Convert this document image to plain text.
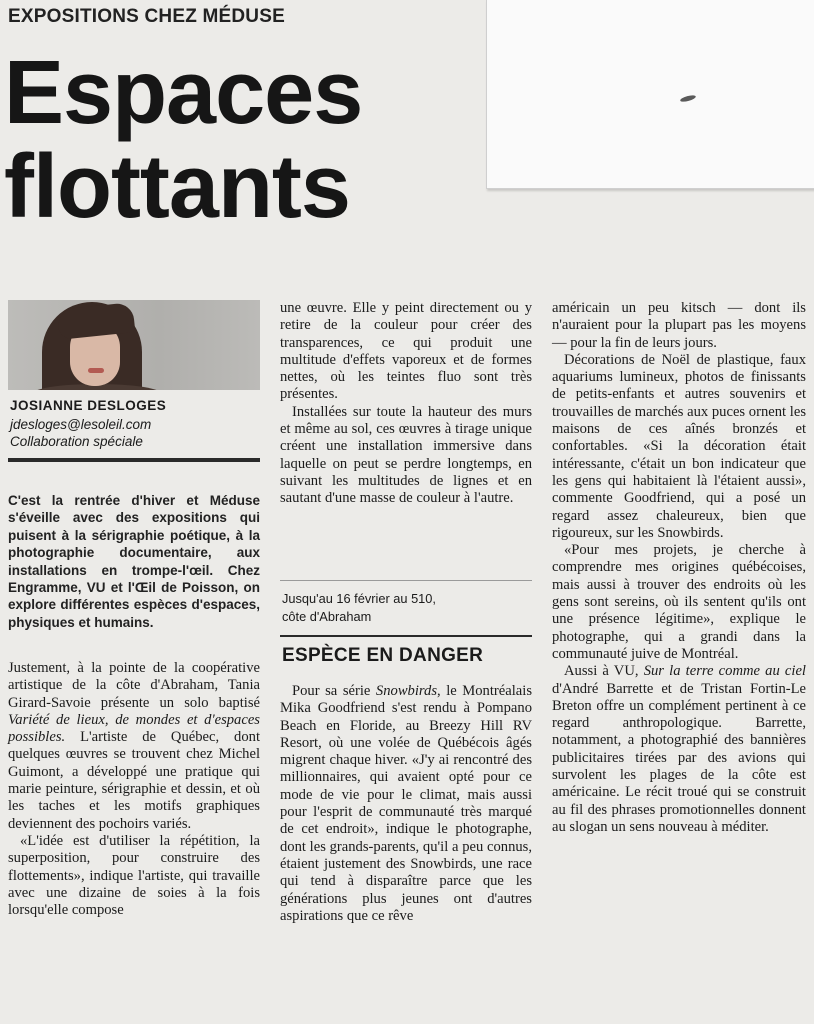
EXPOSITIONS CHEZ MÉDUSE
Espaces
flottants
JOSIANNE DESLOGES
jdesloges@lesoleil.com
Collaboration spéciale
C'est la rentrée d'hiver et Méduse s'éveille avec des expositions qui puisent à la sérigraphie poétique, à la photographie documentaire, aux installations en trompe-l'œil. Chez Engramme, VU et l'Œil de Poisson, on explore différentes espèces d'espaces, physiques et humains.

Justement, à la pointe de la coopérative artistique de la côte d'Abraham, Tania Girard-Savoie présente un solo baptisé Variété de lieux, de mondes et d'espaces possibles. L'artiste de Québec, dont quelques œuvres se trouvent chez Michel Guimont, a développé une pratique qui marie peinture, sérigraphie et dessin, et où les taches et les motifs graphiques deviennent des pochoirs variés.

«L'idée est d'utiliser la répétition, la superposition, pour construire des flottements», indique l'artiste, qui travaille avec une dizaine de soies à la fois lorsqu'elle compose

une œuvre. Elle y peint directement ou y retire de la couleur pour créer des transparences, ce qui produit une multitude d'effets vaporeux et de formes nettes, où les teintes fluo sont très présentes.

Installées sur toute la hauteur des murs et même au sol, ces œuvres à tirage unique créent une installation immersive dans laquelle on peut se perdre longtemps, en suivant les multitudes de lignes et en sautant d'une masse de couleur à l'autre.

Jusqu'au 16 février au 510,
côte d'Abraham
ESPÈCE EN DANGER

Pour sa série Snowbirds, le Montréalais Mika Goodfriend s'est rendu à Pompano Beach en Floride, au Breezy Hill RV Resort, où une volée de Québécois âgés migrent chaque hiver. «J'y ai rencontré des millionnaires, qui avaient opté pour ce mode de vie pour le climat, mais aussi pour l'esprit de communauté très marqué de cet endroit», indique le photographe, dont les grands-parents, qu'il a peu connus, étaient justement des Snowbirds, une race qui tend à disparaître parce que les générations plus jeunes ont d'autres aspirations que ce rêve

américain un peu kitsch — dont ils n'auraient pour la plupart pas les moyens — pour la fin de leurs jours.

Décorations de Noël de plastique, faux aquariums lumineux, photos de finissants de petits-enfants et autres souvenirs et trouvailles de marchés aux puces ornent les maisons de ces aînés bronzés et confortables. «Si la décoration était intéressante, c'était un bon indicateur que les gens qui habitaient là l'étaient aussi», commente Goodfriend, qui a posé un regard assez chaleureux, bien que rigoureux, sur les Snowbirds.

«Pour mes projets, je cherche à comprendre mes origines québécoises, mais aussi à trouver des endroits où les gens sont sereins, où ils sentent qu'ils ont une présence légitime», explique le photographe, qui a grandi dans la communauté juive de Montréal.

Aussi à VU, Sur la terre comme au ciel d'André Barrette et de Tristan Fortin-Le Breton offre un complément pertinent à ce regard anthropologique. Barrette, notamment, a photographié des bannières publicitaires tirées par des avions qui survolent les plages de la côte est américaine. Le récit troué qui se construit au fil des phrases promotionnelles donnent au slogan un sens nouveau à méditer.
